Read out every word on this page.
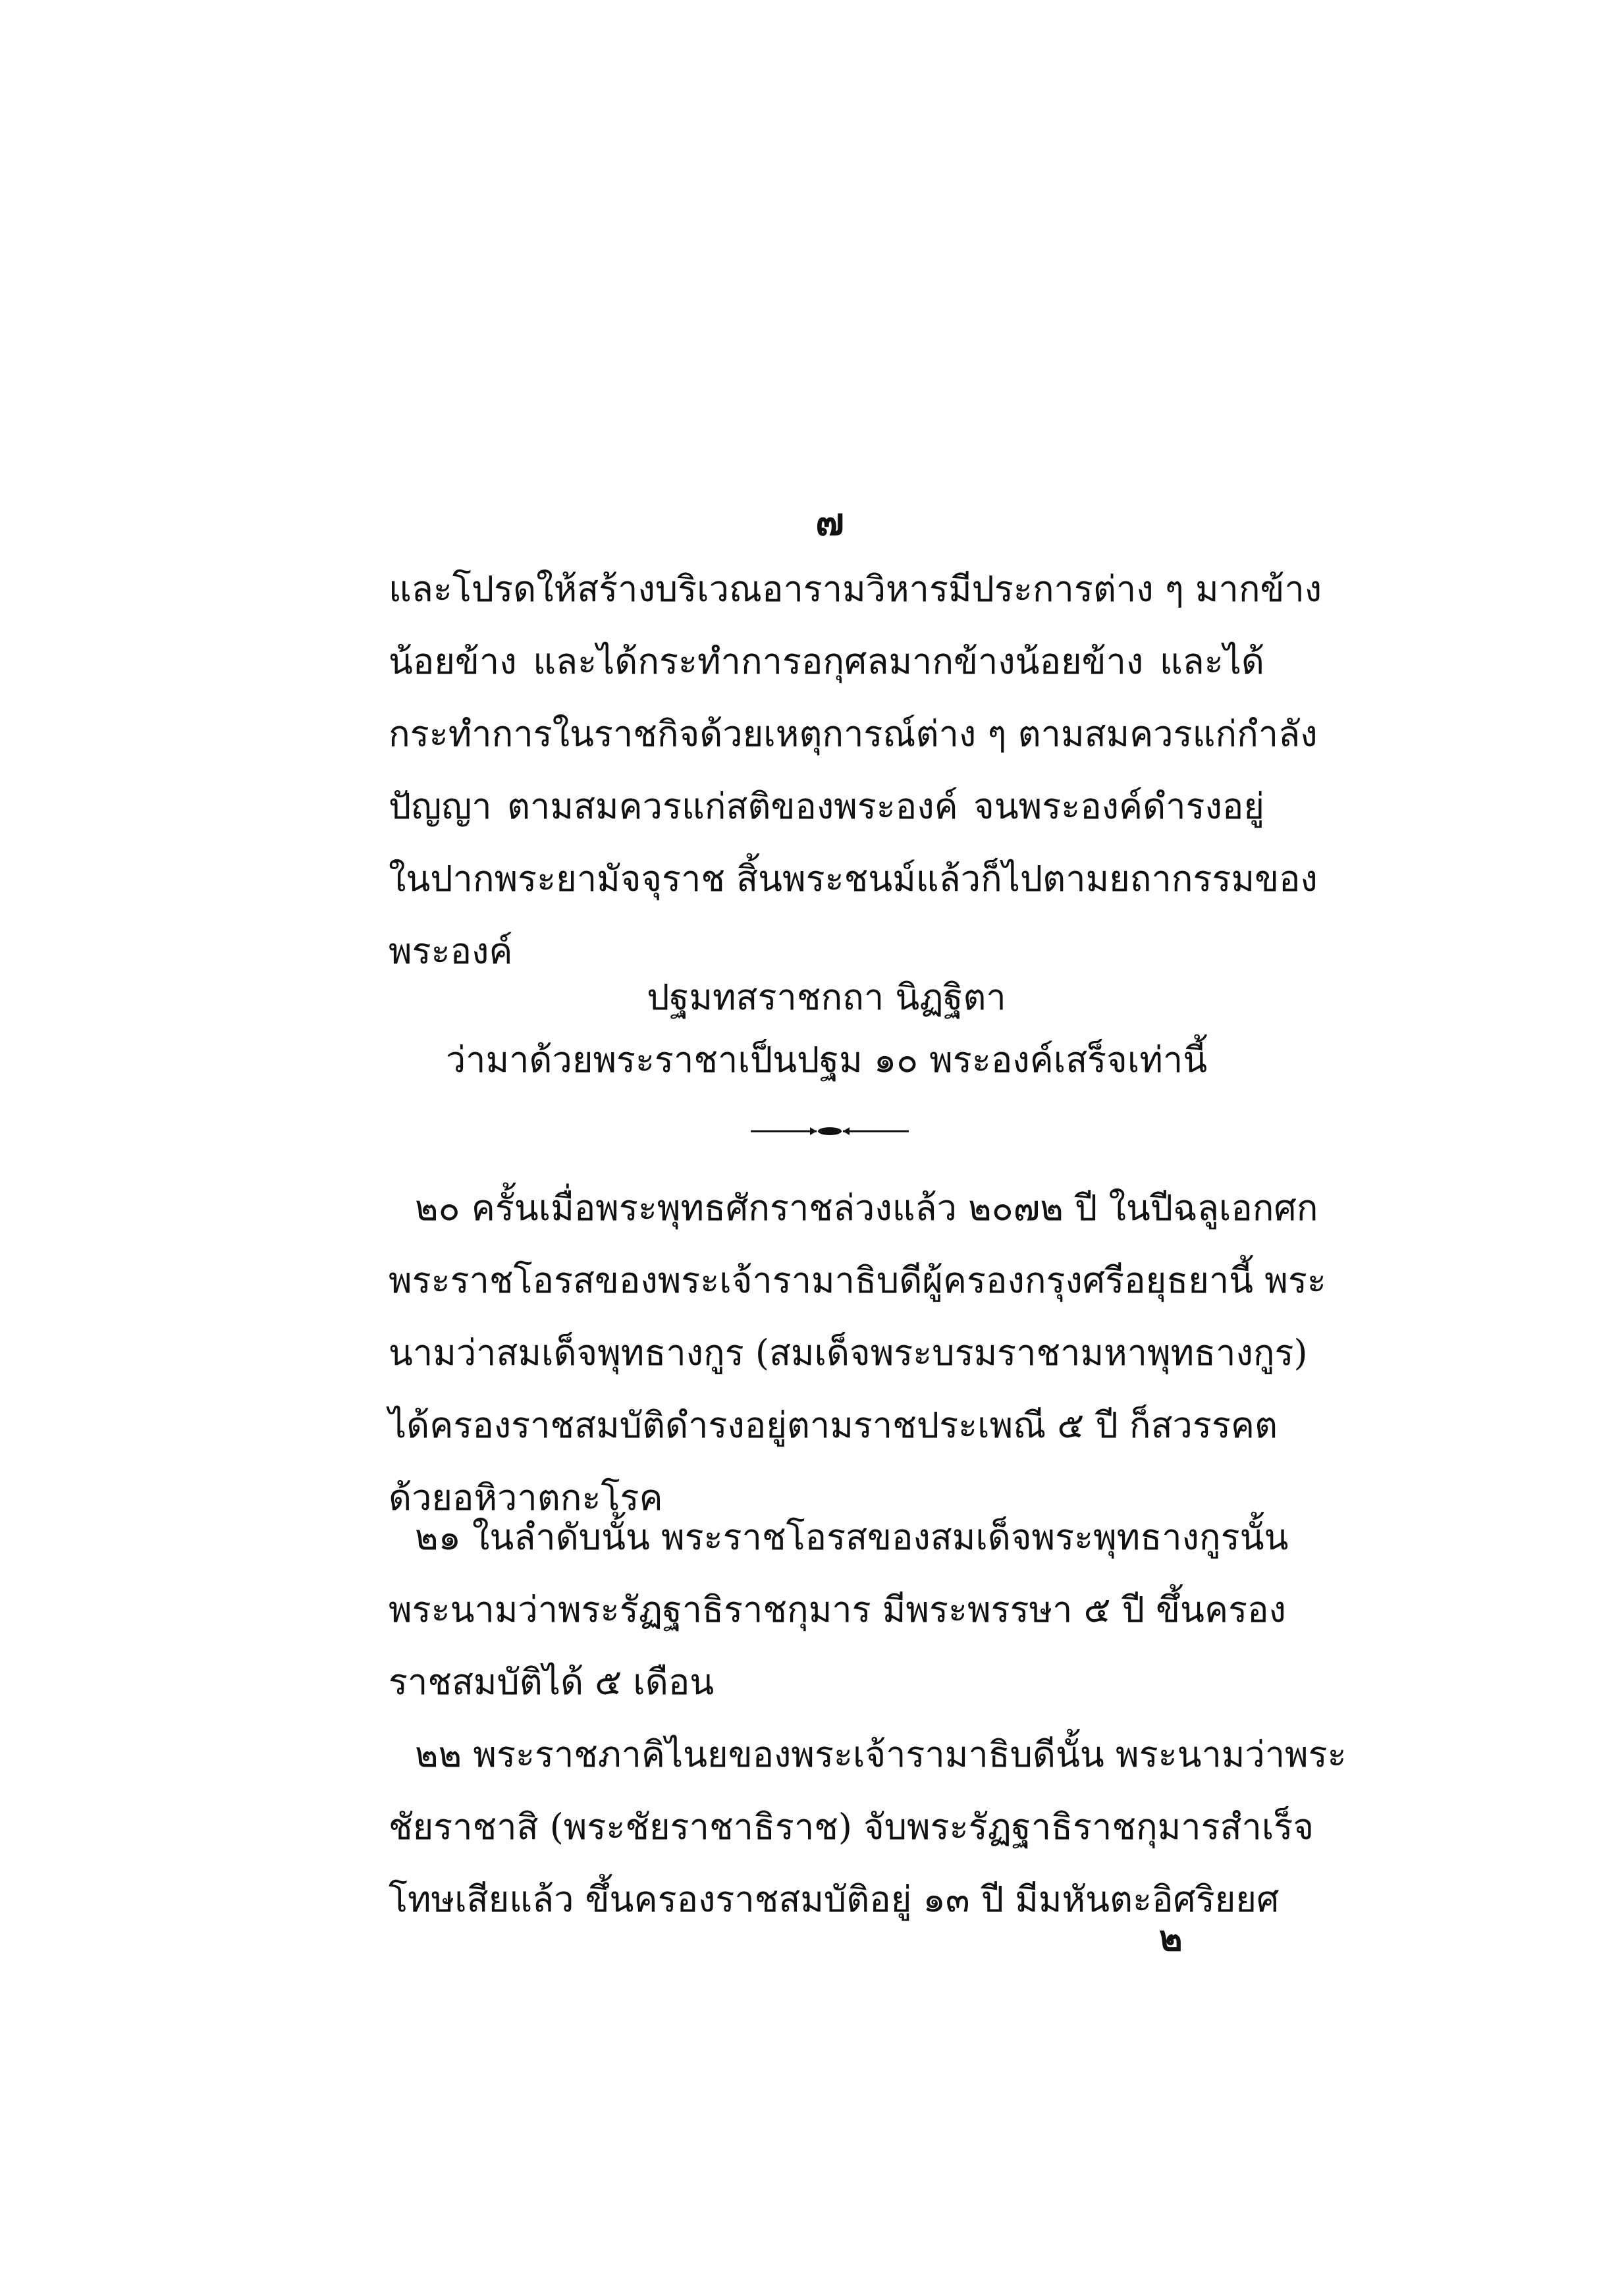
๗
และโปรดให้สร้างบริเวณอารามวิหารมีประการต่าง ๆ มากข้าง
น้อยข้าง และได้กระทำการอกุศลมากข้างน้อยข้าง และได้
กระทำการในราชกิจด้วยเหตุการณ์ต่าง ๆ ตามสมควรแก่กำลัง
ปัญญา ตามสมควรแก่สติของพระองค์ จนพระองค์ดำรงอยู่
ในปากพระยามัจจุราช สิ้นพระชนม์แล้วก็ไปตามยถากรรมของ
พระองค์
ปฐมทสราชกถา นิฏฐิตา
ว่ามาด้วยพระราชาเป็นปฐม ๑๐ พระองค์เสร็จเท่านี้
๒๐ ครั้นเมื่อพระพุทธศักราชล่วงแล้ว ๒๐๗๒ ปี ในปีฉลูเอกศก
พระราชโอรสของพระเจ้ารามาธิบดีผู้ครองกรุงศรีอยุธยานี้ พระ
นามว่าสมเด็จพุทธางกูร (สมเด็จพระบรมราชามหาพุทธางกูร)
ได้ครองราชสมบัติดำรงอยู่ตามราชประเพณี ๕ ปี ก็สวรรคต
ด้วยอหิวาตกะโรค
๒๑ ในลำดับนั้น พระราชโอรสของสมเด็จพระพุทธางกูรนั้น
พระนามว่าพระรัฏฐาธิราชกุมาร มีพระพรรษา ๕ ปี ขึ้นครอง
ราชสมบัติได้ ๕ เดือน
๒๒ พระราชภาคิไนยของพระเจ้ารามาธิบดีนั้น พระนามว่าพระ
ชัยราชาสิ (พระชัยราชาธิราช) จับพระรัฏฐาธิราชกุมารสำเร็จ
โทษเสียแล้ว ขึ้นครองราชสมบัติอยู่ ๑๓ ปี มีมหันตะอิศริยยศ
๒
